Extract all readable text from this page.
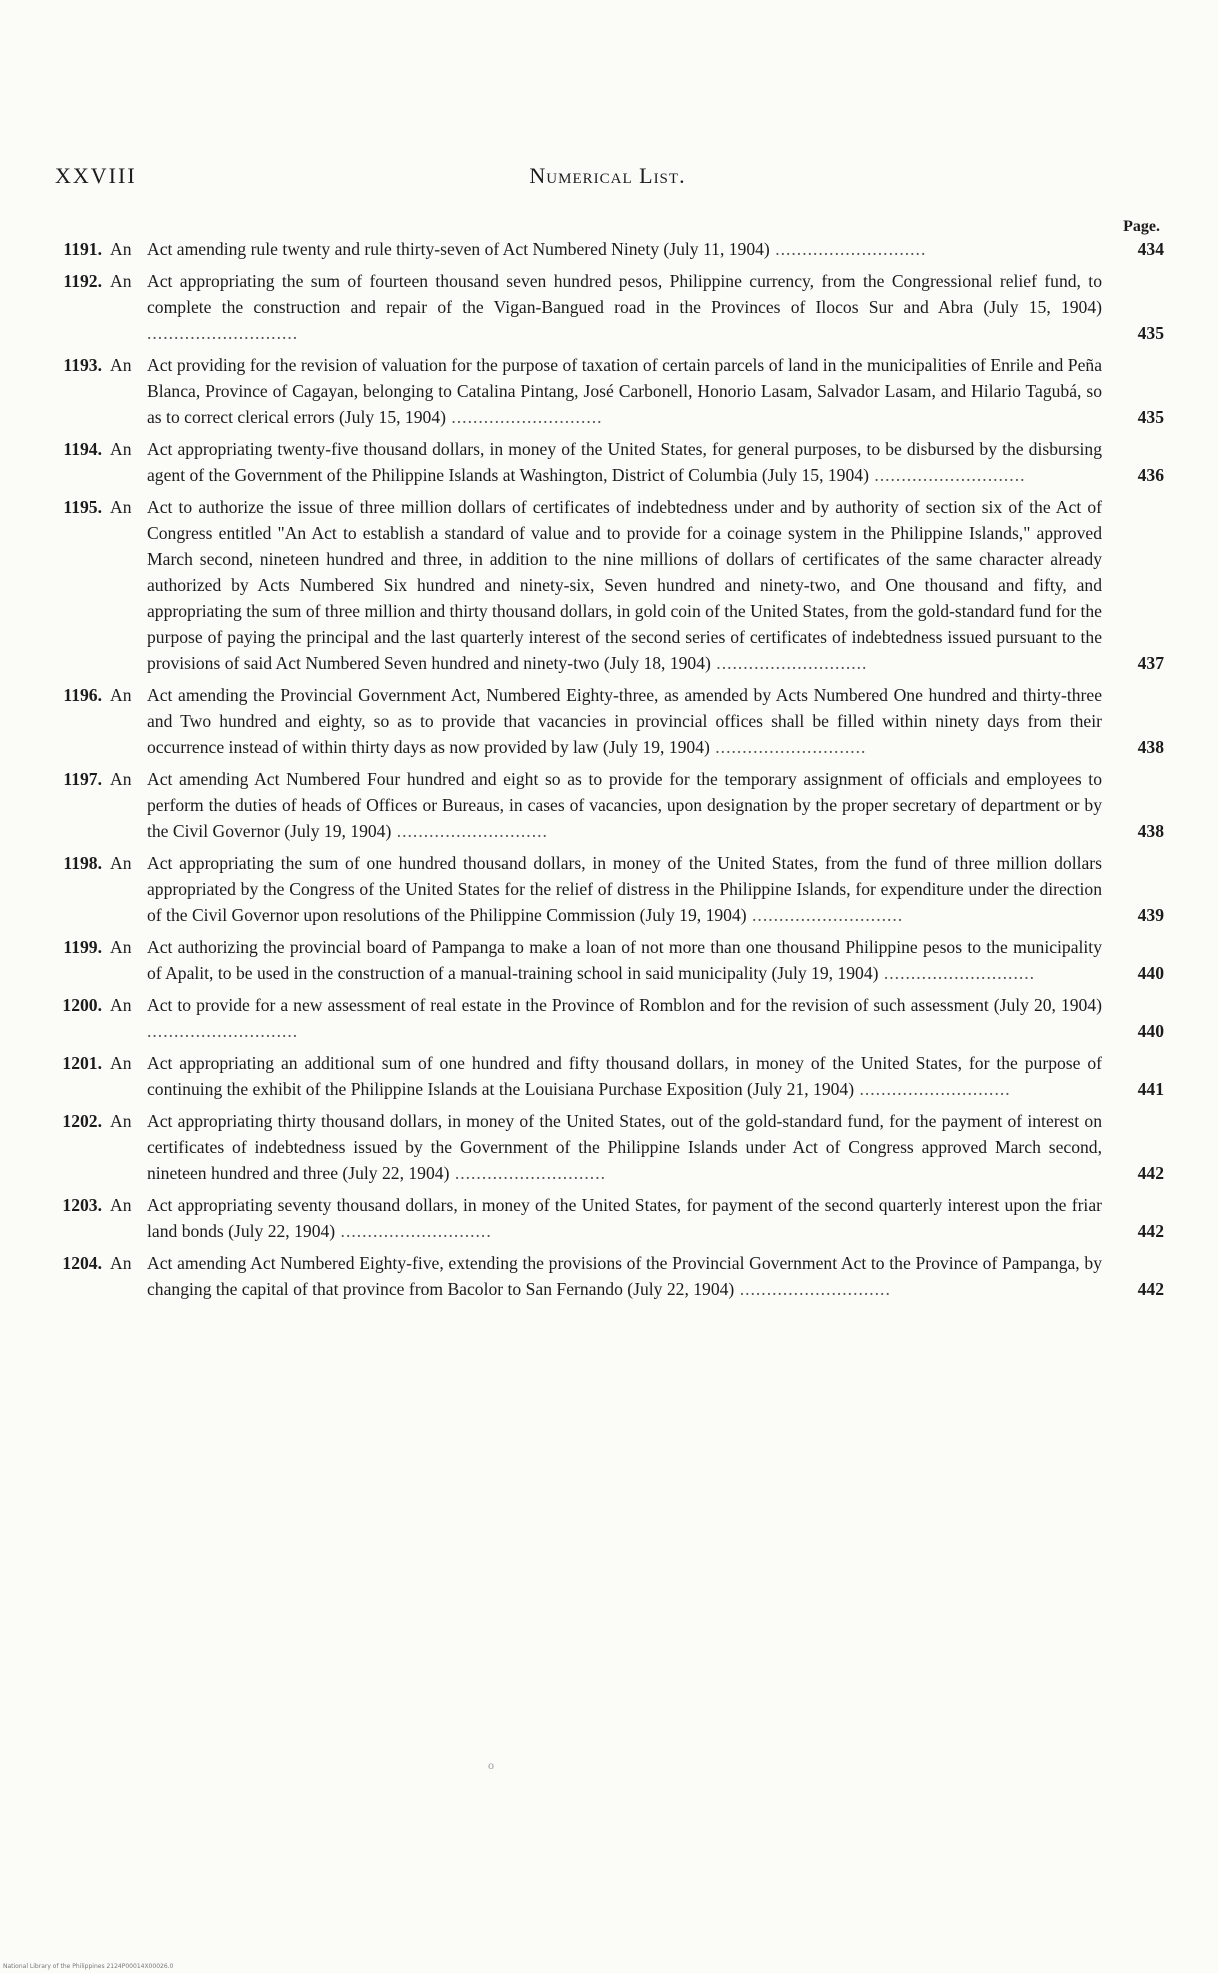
XXVIII	Numerical List.
Page.
1191. An Act amending rule twenty and rule thirty-seven of Act Numbered Ninety (July 11, 1904) ............................	434
1192. An Act appropriating the sum of fourteen thousand seven hundred pesos, Philippine currency, from the Congressional relief fund, to complete the construction and repair of the Vigan-Bangued road in the Provinces of Ilocos Sur and Abra (July 15, 1904) ............................	435
1193. An Act providing for the revision of valuation for the purpose of taxation of certain parcels of land in the municipalities of Enrile and Peña Blanca, Province of Cagayan, belonging to Catalina Pintang, José Carbonell, Honorio Lasam, Salvador Lasam, and Hilario Tagubá, so as to correct clerical errors (July 15, 1904) ............................	435
1194. An Act appropriating twenty-five thousand dollars, in money of the United States, for general purposes, to be disbursed by the disbursing agent of the Government of the Philippine Islands at Washington, District of Columbia (July 15, 1904) ............................	436
1195. An Act to authorize the issue of three million dollars of certificates of indebtedness under and by authority of section six of the Act of Congress entitled "An Act to establish a standard of value and to provide for a coinage system in the Philippine Islands," approved March second, nineteen hundred and three, in addition to the nine millions of dollars of certificates of the same character already authorized by Acts Numbered Six hundred and ninety-six, Seven hundred and ninety-two, and One thousand and fifty, and appropriating the sum of three million and thirty thousand dollars, in gold coin of the United States, from the gold-standard fund for the purpose of paying the principal and the last quarterly interest of the second series of certificates of indebtedness issued pursuant to the provisions of said Act Numbered Seven hundred and ninety-two (July 18, 1904) ............................	437
1196. An Act amending the Provincial Government Act, Numbered Eighty-three, as amended by Acts Numbered One hundred and thirty-three and Two hundred and eighty, so as to provide that vacancies in provincial offices shall be filled within ninety days from their occurrence instead of within thirty days as now provided by law (July 19, 1904) ............................	438
1197. An Act amending Act Numbered Four hundred and eight so as to provide for the temporary assignment of officials and employees to perform the duties of heads of Offices or Bureaus, in cases of vacancies, upon designation by the proper secretary of department or by the Civil Governor (July 19, 1904) ............................	438
1198. An Act appropriating the sum of one hundred thousand dollars, in money of the United States, from the fund of three million dollars appropriated by the Congress of the United States for the relief of distress in the Philippine Islands, for expenditure under the direction of the Civil Governor upon resolutions of the Philippine Commission (July 19, 1904) ............................	439
1199. An Act authorizing the provincial board of Pampanga to make a loan of not more than one thousand Philippine pesos to the municipality of Apalit, to be used in the construction of a manual-training school in said municipality (July 19, 1904) ............................	440
1200. An Act to provide for a new assessment of real estate in the Province of Romblon and for the revision of such assessment (July 20, 1904) ............................	440
1201. An Act appropriating an additional sum of one hundred and fifty thousand dollars, in money of the United States, for the purpose of continuing the exhibit of the Philippine Islands at the Louisiana Purchase Exposition (July 21, 1904) ............................	441
1202. An Act appropriating thirty thousand dollars, in money of the United States, out of the gold-standard fund, for the payment of interest on certificates of indebtedness issued by the Government of the Philippine Islands under Act of Congress approved March second, nineteen hundred and three (July 22, 1904) ............................	442
1203. An Act appropriating seventy thousand dollars, in money of the United States, for payment of the second quarterly interest upon the friar land bonds (July 22, 1904) ............................	442
1204. An Act amending Act Numbered Eighty-five, extending the provisions of the Provincial Government Act to the Province of Pampanga, by changing the capital of that province from Bacolor to San Fernando (July 22, 1904) ............................	442
o
National Library of the Philippines 2124P00014X00026.0
